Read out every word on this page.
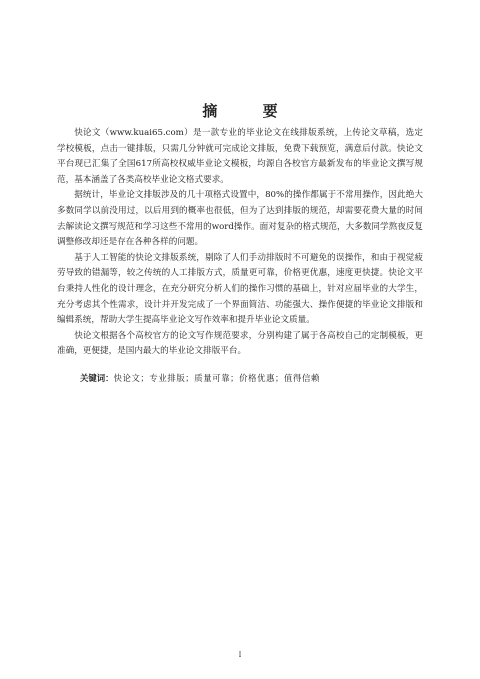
摘 要

快论文（www.kuai65.com）是一款专业的毕业论文在线排版系统，上传论文草稿，选定学校模板，点击一键排版，只需几分钟就可完成论文排版，免费下载预览，满意后付款。快论文平台现已汇集了全国617所高校权威毕业论文模板，均源自各校官方最新发布的毕业论文撰写规范，基本涵盖了各类高校毕业论文格式要求。

据统计，毕业论文排版涉及的几十项格式设置中，80%的操作都属于不常用操作，因此绝大多数同学以前没用过，以后用到的概率也很低，但为了达到排版的规范，却需要花费大量的时间去解读论文撰写规范和学习这些不常用的word操作。面对复杂的格式规范，大多数同学熬夜反复调整修改却还是存在各种各样的问题。

基于人工智能的快论文排版系统，剔除了人们手动排版时不可避免的误操作，和由于视觉疲劳导致的错漏等，较之传统的人工排版方式，质量更可靠，价格更优惠，速度更快捷。快论文平台秉持人性化的设计理念，在充分研究分析人们的操作习惯的基础上，针对应届毕业的大学生，充分考虑其个性需求，设计并开发完成了一个界面简洁、功能强大、操作便捷的毕业论文排版和编辑系统，帮助大学生提高毕业论文写作效率和提升毕业论文质量。

快论文根据各个高校官方的论文写作规范要求，分别构建了属于各高校自己的定制模板，更准确，更便捷，是国内最大的毕业论文排版平台。

关键词：快论文；专业排版；质量可靠；价格优惠；值得信赖
I
